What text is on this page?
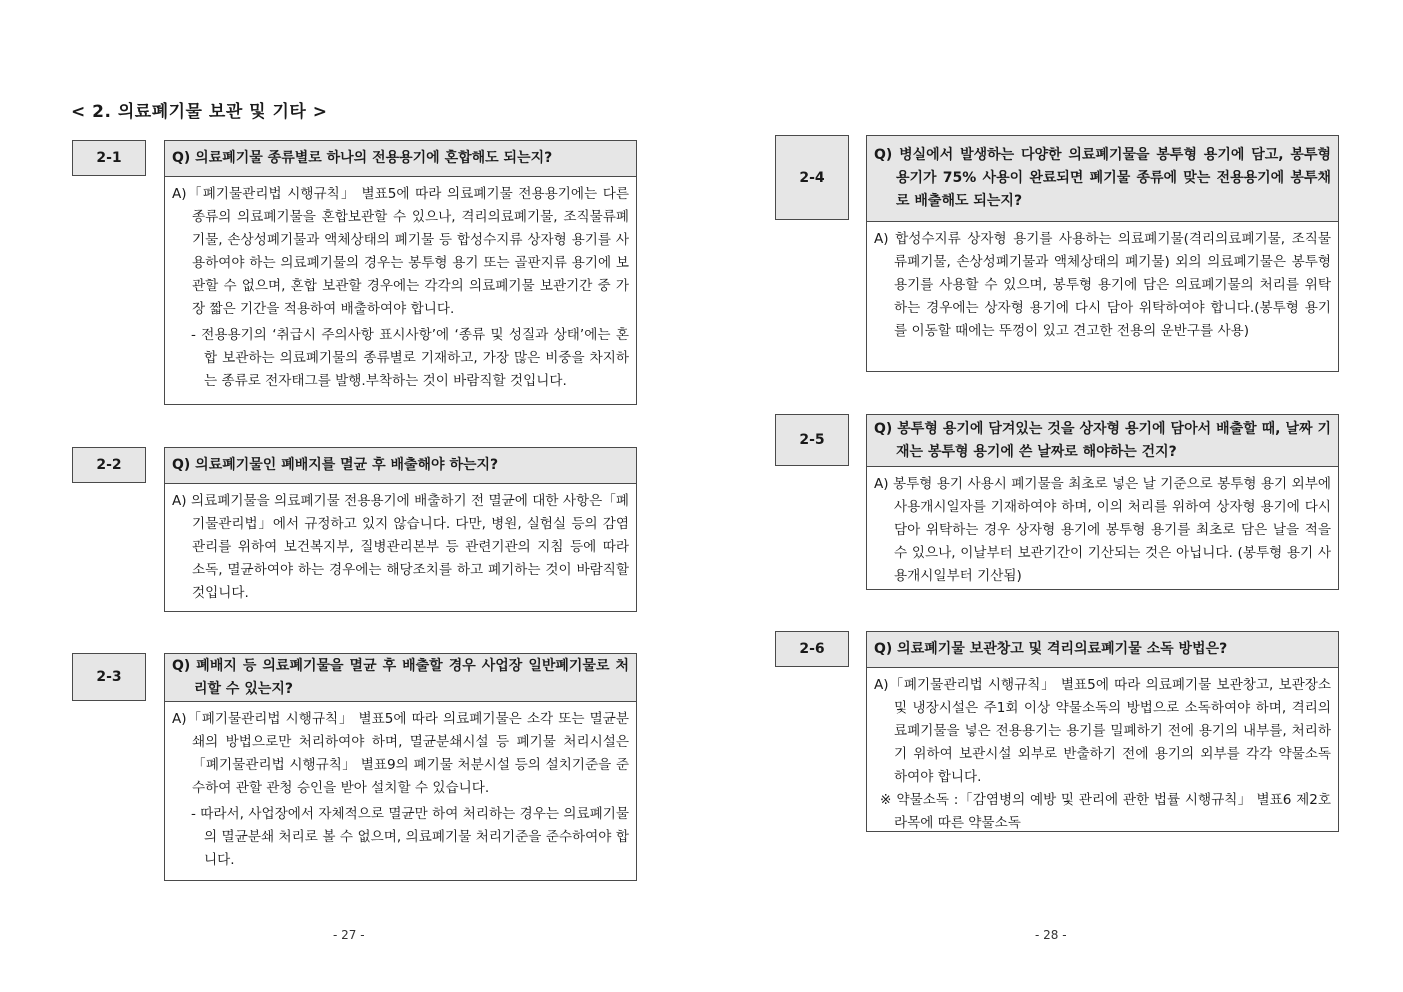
< 2. 의료폐기물 보관 및 기타 >
2-1	Q) 의료폐기물 종류별로 하나의 전용용기에 혼합해도 되는지?

A)「폐기물관리법 시행규칙」 별표5에 따라 의료폐기물 전용용기에는 다른 종류의 의료폐기물을 혼합보관할 수 있으나, 격리의료폐기물, 조직물류폐기물, 손상성폐기물과 액체상태의 폐기물 등 합성수지류 상자형 용기를 사용하여야 하는 의료폐기물의 경우는 봉투형 용기 또는 골판지류 용기에 보관할 수 없으며, 혼합 보관할 경우에는 각각의 의료폐기물 보관기간 중 가장 짧은 기간을 적용하여 배출하여야 합니다.

- 전용용기의 ‘취급시 주의사항 표시사항’에 ‘종류 및 성질과 상태’에는 혼합 보관하는 의료폐기물의 종류별로 기재하고, 가장 많은 비중을 차지하는 종류로 전자태그를 발행.부착하는 것이 바람직할 것입니다.

2-2	Q) 의료폐기물인 폐배지를 멸균 후 배출해야 하는지?

A) 의료폐기물을 의료폐기물 전용용기에 배출하기 전 멸균에 대한 사항은「폐기물관리법」에서 규정하고 있지 않습니다. 다만, 병원, 실험실 등의 감염관리를 위하여 보건복지부, 질병관리본부 등 관련기관의 지침 등에 따라 소독, 멸균하여야 하는 경우에는 해당조치를 하고 폐기하는 것이 바람직할 것입니다.

2-3
Q) 폐배지 등 의료폐기물을 멸균 후 배출할 경우 사업장 일반폐기물로 처리할 수 있는지?

A)「폐기물관리법 시행규칙」 별표5에 따라 의료폐기물은 소각 또는 멸균분쇄의 방법으로만 처리하여야 하며, 멸균분쇄시설 등 폐기물 처리시설은 「폐기물관리법 시행규칙」 별표9의 폐기물 처분시설 등의 설치기준을 준수하여 관할 관청 승인을 받아 설치할 수 있습니다.

- 따라서, 사업장에서 자체적으로 멸균만 하여 처리하는 경우는 의료폐기물의 멸균분쇄 처리로 볼 수 없으며, 의료폐기물 처리기준을 준수하여야 합니다.

2-4
Q) 병실에서 발생하는 다양한 의료폐기물을 봉투형 용기에 담고, 봉투형 용기가 75% 사용이 완료되면 폐기물 종류에 맞는 전용용기에 봉투채로 배출해도 되는지?

A) 합성수지류 상자형 용기를 사용하는 의료폐기물(격리의료폐기물, 조직물류폐기물, 손상성폐기물과 액체상태의 폐기물) 외의 의료폐기물은 봉투형 용기를 사용할 수 있으며, 봉투형 용기에 담은 의료폐기물의 처리를 위탁하는 경우에는 상자형 용기에 다시 담아 위탁하여야 합니다.(봉투형 용기를 이동할 때에는 뚜껑이 있고 견고한 전용의 운반구를 사용)

2-5
Q) 봉투형 용기에 담겨있는 것을 상자형 용기에 담아서 배출할 때, 날짜 기재는 봉투형 용기에 쓴 날짜로 해야하는 건지?

A) 봉투형 용기 사용시 폐기물을 최초로 넣은 날 기준으로 봉투형 용기 외부에 사용개시일자를 기재하여야 하며, 이의 처리를 위하여 상자형 용기에 다시 담아 위탁하는 경우 상자형 용기에 봉투형 용기를 최초로 담은 날을 적을 수 있으나, 이날부터 보관기간이 기산되는 것은 아닙니다. (봉투형 용기 사용개시일부터 기산됨)

2-6	Q) 의료폐기물 보관창고 및 격리의료폐기물 소독 방법은?

A)「폐기물관리법 시행규칙」 별표5에 따라 의료폐기물 보관창고, 보관장소 및 냉장시설은 주1회 이상 약물소독의 방법으로 소독하여야 하며, 격리의료폐기물을 넣은 전용용기는 용기를 밀폐하기 전에 용기의 내부를, 처리하기 위하여 보관시설 외부로 반출하기 전에 용기의 외부를 각각 약물소독 하여야 합니다.

※ 약물소독 :「감염병의 예방 및 관리에 관한 법률 시행규칙」 별표6 제2호라목에 따른 약물소독

- 27 -	- 28 -
